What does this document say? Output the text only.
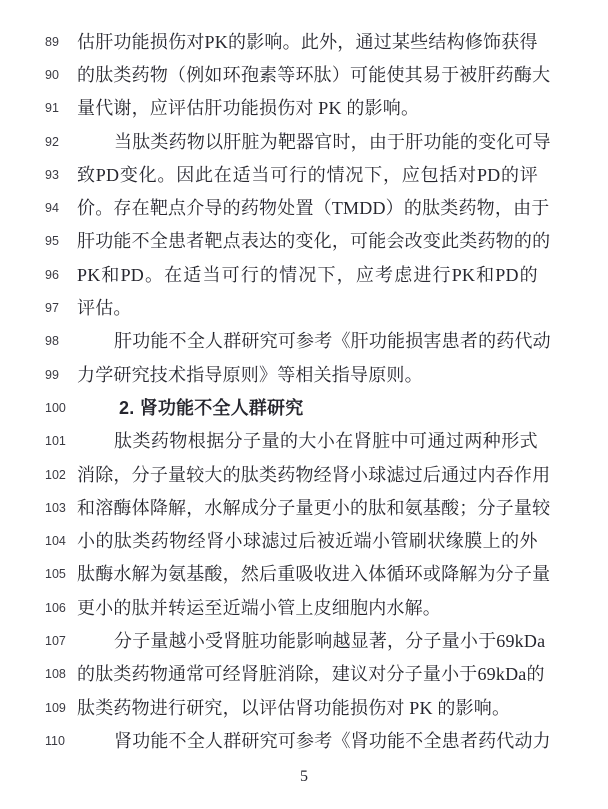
89	估 肝 功 能 损 伤 对 PK 的 影 响 。 此 外 ， 通 过 某 些 结 构 修 饰 获 得
90	的 肽 类 药 物 （ 例 如 环 孢 素 等 环 肽 ） 可 能 使 其 易 于 被 肝 药 酶 大
91	量代谢，应评估肝功能损伤对 PK 的影响。
92	当 肽 类 药 物 以 肝 脏 为 靶 器 官 时 ， 由 于 肝 功 能 的 变 化 可 导
93	致 PD 变 化 。 因 此 在 适 当 可 行 的 情 况 下 ， 应 包 括 对 PD 的 评
94	价 。 存 在 靶 点 介 导 的 药 物 处 置 （ TMDD ） 的 肽 类 药 物 ， 由 于
95	肝 功 能 不 全 患 者 靶 点 表 达 的 变 化 ， 可 能 会 改 变 此 类 药 物 的 的
96	PK 和 PD 。 在 适 当 可 行 的 情 况 下 ， 应 考 虑 进 行 PK 和 PD 的
97	评估。
98	肝 功 能 不 全 人 群 研 究 可 参 考 《 肝 功 能 损 害 患 者 的 药 代 动
99	力学研究技术指导原则》等相关指导原则。
100	2. 肾功能不全人群研究
101	肽 类 药 物 根 据 分 子 量 的 大 小 在 肾 脏 中 可 通 过 两 种 形 式
102 消 除 ， 分 子 量 较 大 的 肽 类 药 物 经 肾 小 球 滤 过 后 通 过 内 吞 作 用
103 和 溶 酶 体 降 解 ， 水 解 成 分 子 量 更 小 的 肽 和 氨 基 酸 ； 分 子 量 较
104 小 的 肽 类 药 物 经 肾 小 球 滤 过 后 被 近 端 小 管 刷 状 缘 膜 上 的 外
105 肽 酶 水 解 为 氨 基 酸 ， 然 后 重 吸 收 进 入 体 循 环 或 降 解 为 分 子 量
106 更小的肽并转运至近端小管上皮细胞内水解。
107	分 子 量 越 小 受 肾 脏 功 能 影 响 越 显 著 ， 分 子 量 小 于 69kDa
108 的 肽 类 药 物 通 常 可 经 肾 脏 消 除 ， 建 议 对 分 子 量 小 于 69kDa 的
109 肽类药物进行研究，以评估肾功能损伤对 PK 的影响。
110	肾 功 能 不 全 人 群 研 究 可 参 考 《 肾 功 能 不 全 患 者 药 代 动 力
5
